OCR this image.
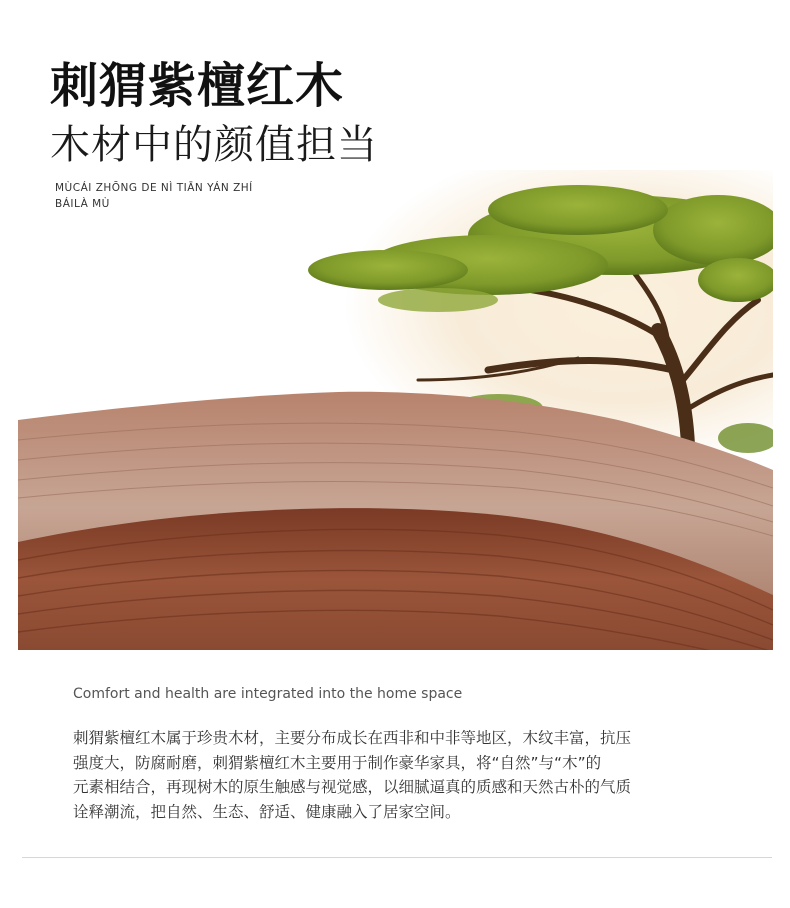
刺猬紫檀红木
木材中的颜值担当
MÙCÁI ZHŌNG DE NÌ TIĀN YÁN ZHÍ
BÁILÀ MÙ
Comfort and health are integrated into the home space

刺猬紫檀红木属于珍贵木材，主要分布成长在西非和中非等地区，木纹丰富，抗压

强度大，防腐耐磨，刺猬紫檀红木主要用于制作豪华家具，将“自然”与“木”的

元素相结合，再现树木的原生触感与视觉感，以细腻逼真的质感和天然古朴的气质

诠释潮流，把自然、生态、舒适、健康融入了居家空间。
